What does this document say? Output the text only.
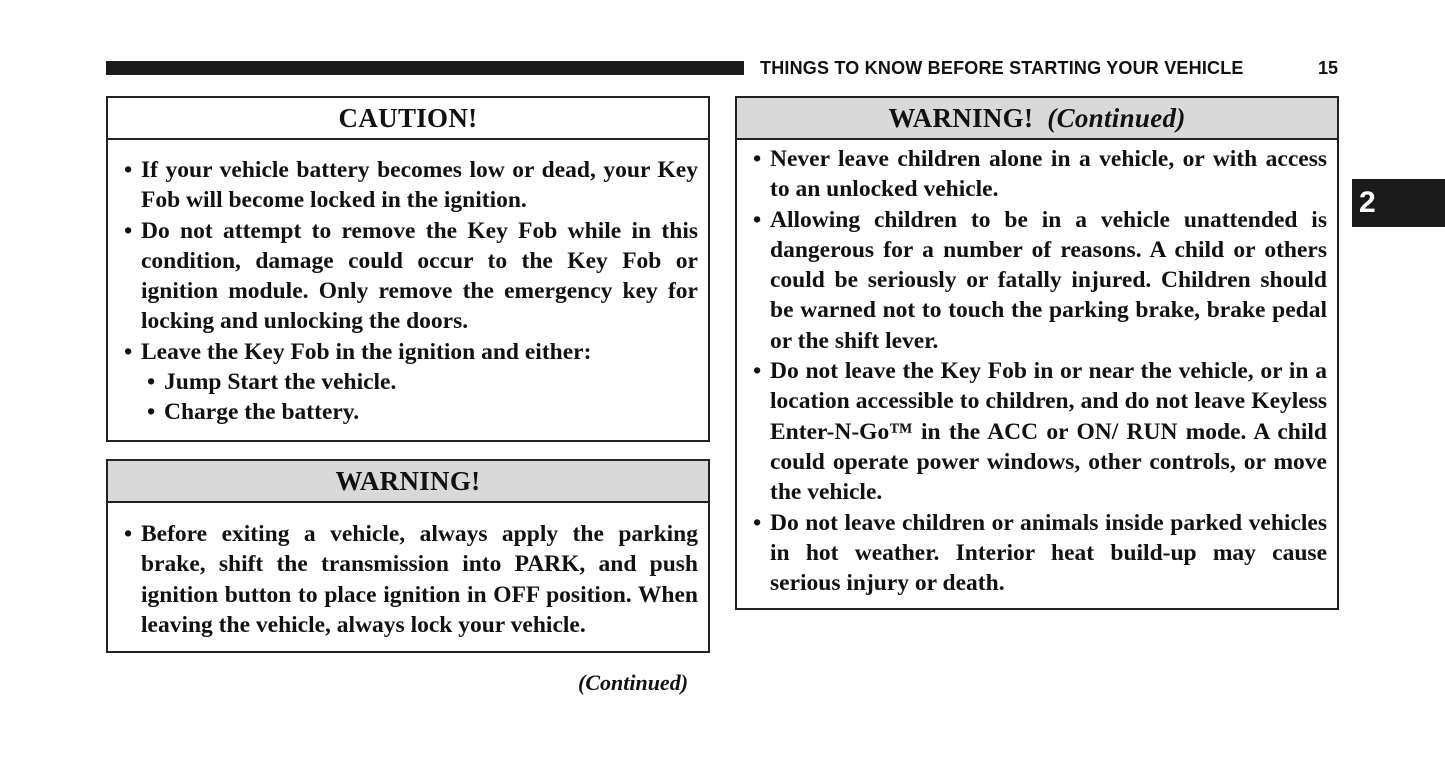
THINGS TO KNOW BEFORE STARTING YOUR VEHICLE	15
2
CAUTION!
• If your vehicle battery becomes low or dead, your Key Fob will become locked in the ignition.
• Do not attempt to remove the Key Fob while in this condition, damage could occur to the Key Fob or ignition module. Only remove the emergency key for locking and unlocking the doors.
• Leave the Key Fob in the ignition and either:
• Jump Start the vehicle.
• Charge the battery.
WARNING!
• Before exiting a vehicle, always apply the parking brake, shift the transmission into PARK, and push ignition button to place ignition in OFF position. When leaving the vehicle, always lock your vehicle.
(Continued)
WARNING! (Continued)
• Never leave children alone in a vehicle, or with access to an unlocked vehicle.
• Allowing children to be in a vehicle unattended is dangerous for a number of reasons. A child or others could be seriously or fatally injured. Children should be warned not to touch the parking brake, brake pedal or the shift lever.
• Do not leave the Key Fob in or near the vehicle, or in a location accessible to children, and do not leave Keyless Enter-N-Go™ in the ACC or ON/ RUN mode. A child could operate power windows, other controls, or move the vehicle.
• Do not leave children or animals inside parked vehicles in hot weather. Interior heat build-up may cause serious injury or death.
